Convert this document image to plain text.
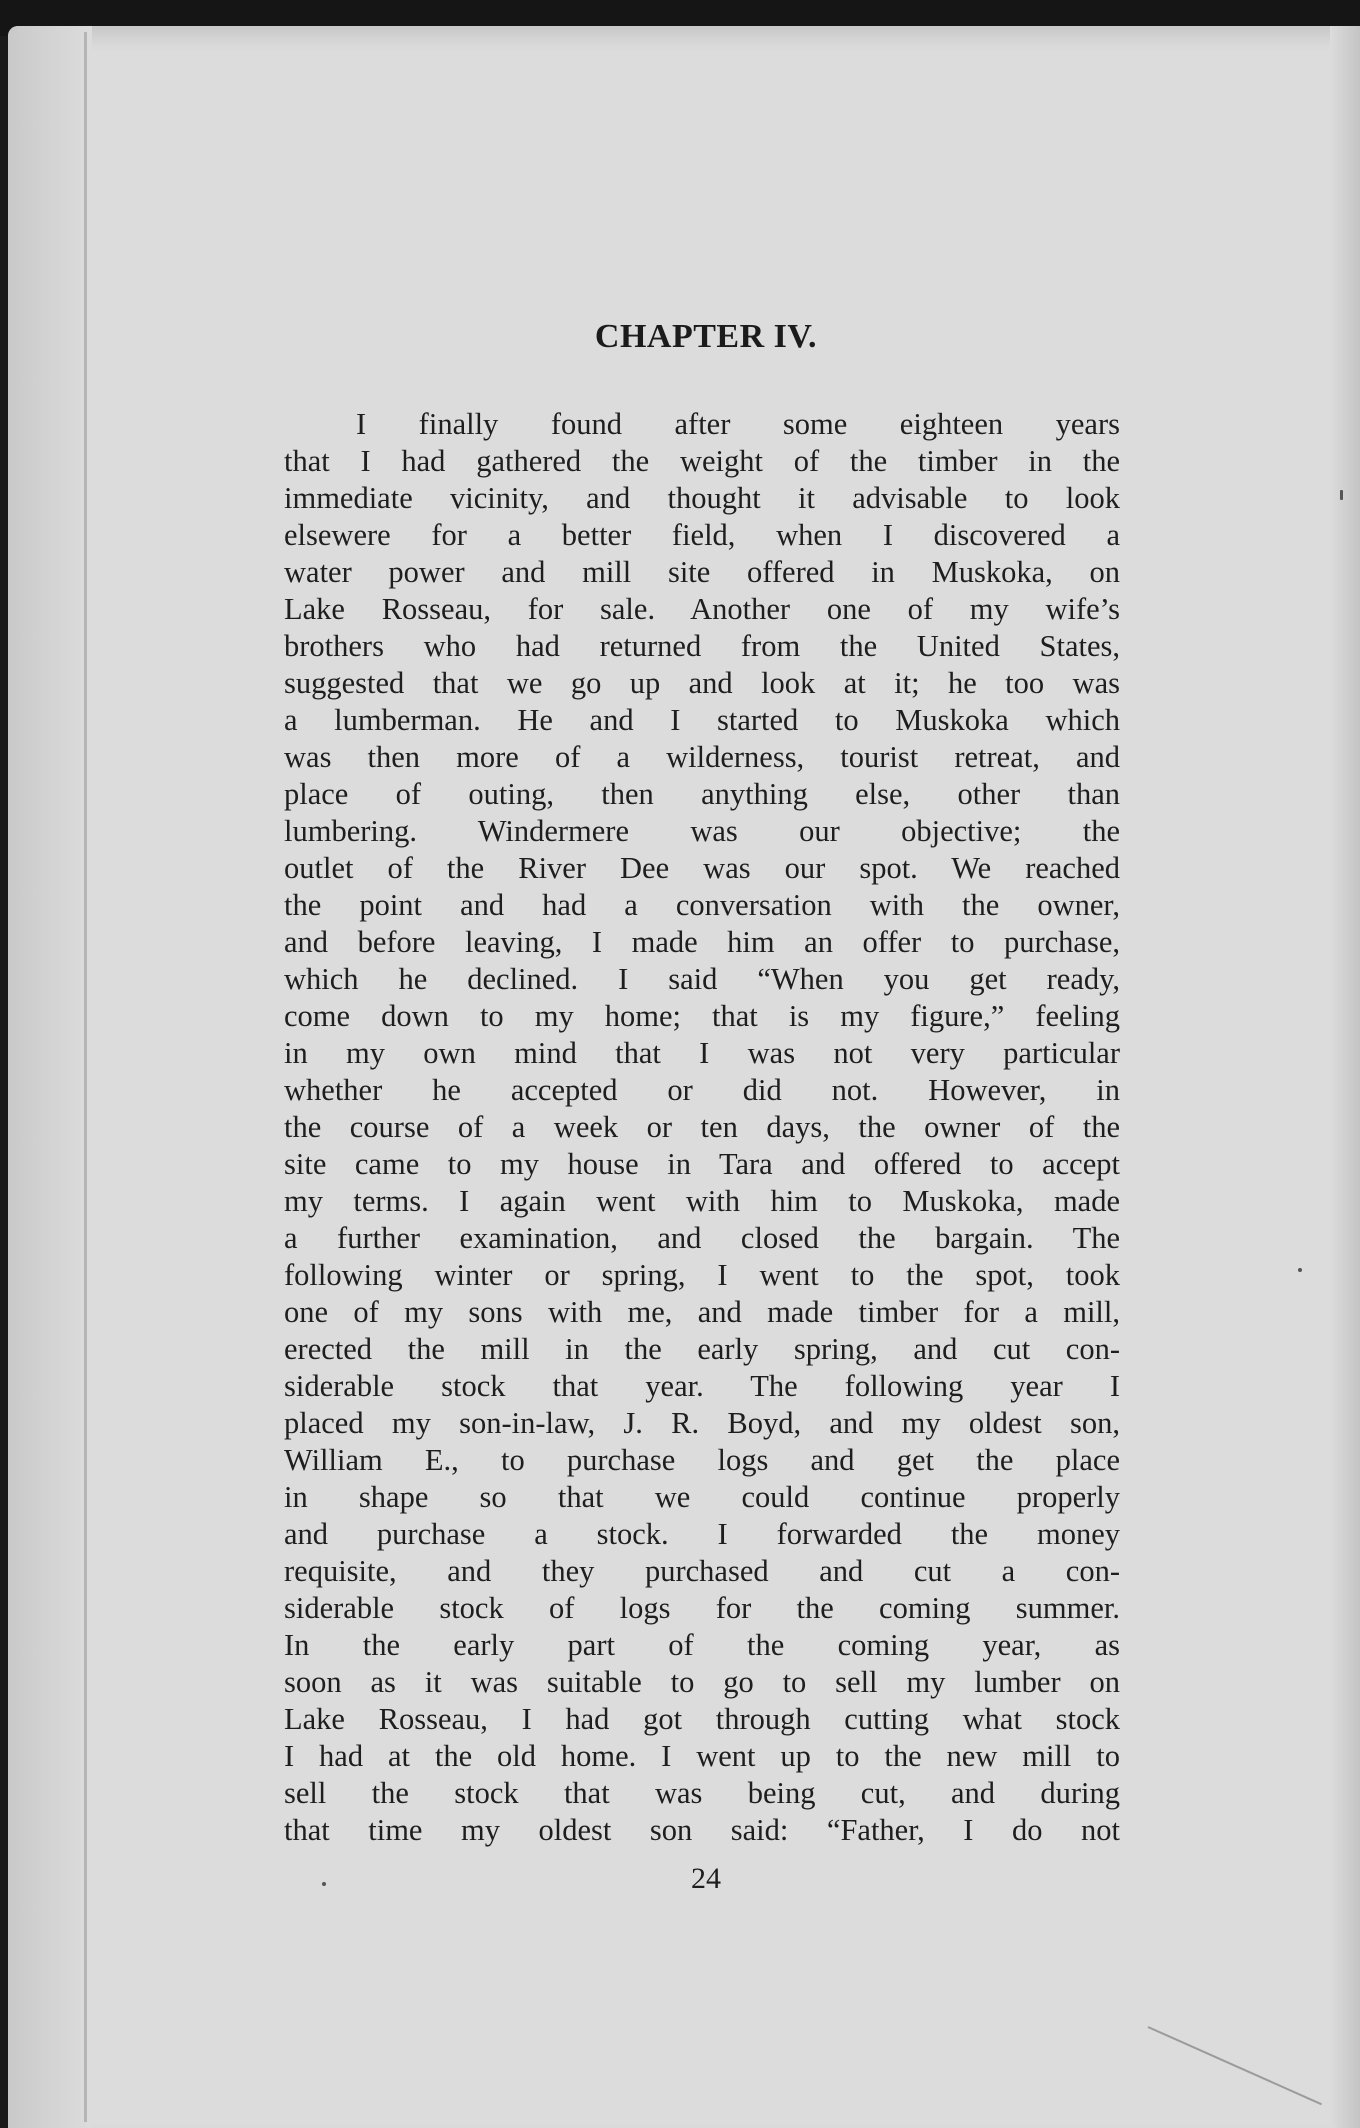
CHAPTER IV.
I finally found after some eighteen years
that I had gathered the weight of the timber in the
immediate vicinity, and thought it advisable to look
elsewere for a better field, when I discovered a
water power and mill site offered in Muskoka, on
Lake Rosseau, for sale. Another one of my wife’s
brothers who had returned from the United States,
suggested that we go up and look at it; he too was
a lumberman. He and I started to Muskoka which
was then more of a wilderness, tourist retreat, and
place of outing, then anything else, other than
lumbering. Windermere was our objective; the
outlet of the River Dee was our spot. We reached
the point and had a conversation with the owner,
and before leaving, I made him an offer to purchase,
which he declined. I said “When you get ready,
come down to my home; that is my figure,” feeling
in my own mind that I was not very particular
whether he accepted or did not. However, in
the course of a week or ten days, the owner of the
site came to my house in Tara and offered to accept
my terms. I again went with him to Muskoka, made
a further examination, and closed the bargain. The
following winter or spring, I went to the spot, took
one of my sons with me, and made timber for a mill,
erected the mill in the early spring, and cut con-
siderable stock that year. The following year I
placed my son-in-law, J. R. Boyd, and my oldest son,
William E., to purchase logs and get the place
in shape so that we could continue properly
and purchase a stock. I forwarded the money
requisite, and they purchased and cut a con-
siderable stock of logs for the coming summer.
In the early part of the coming year, as
soon as it was suitable to go to sell my lumber on
Lake Rosseau, I had got through cutting what stock
I had at the old home. I went up to the new mill to
sell the stock that was being cut, and during
that time my oldest son said: “Father, I do not
24
